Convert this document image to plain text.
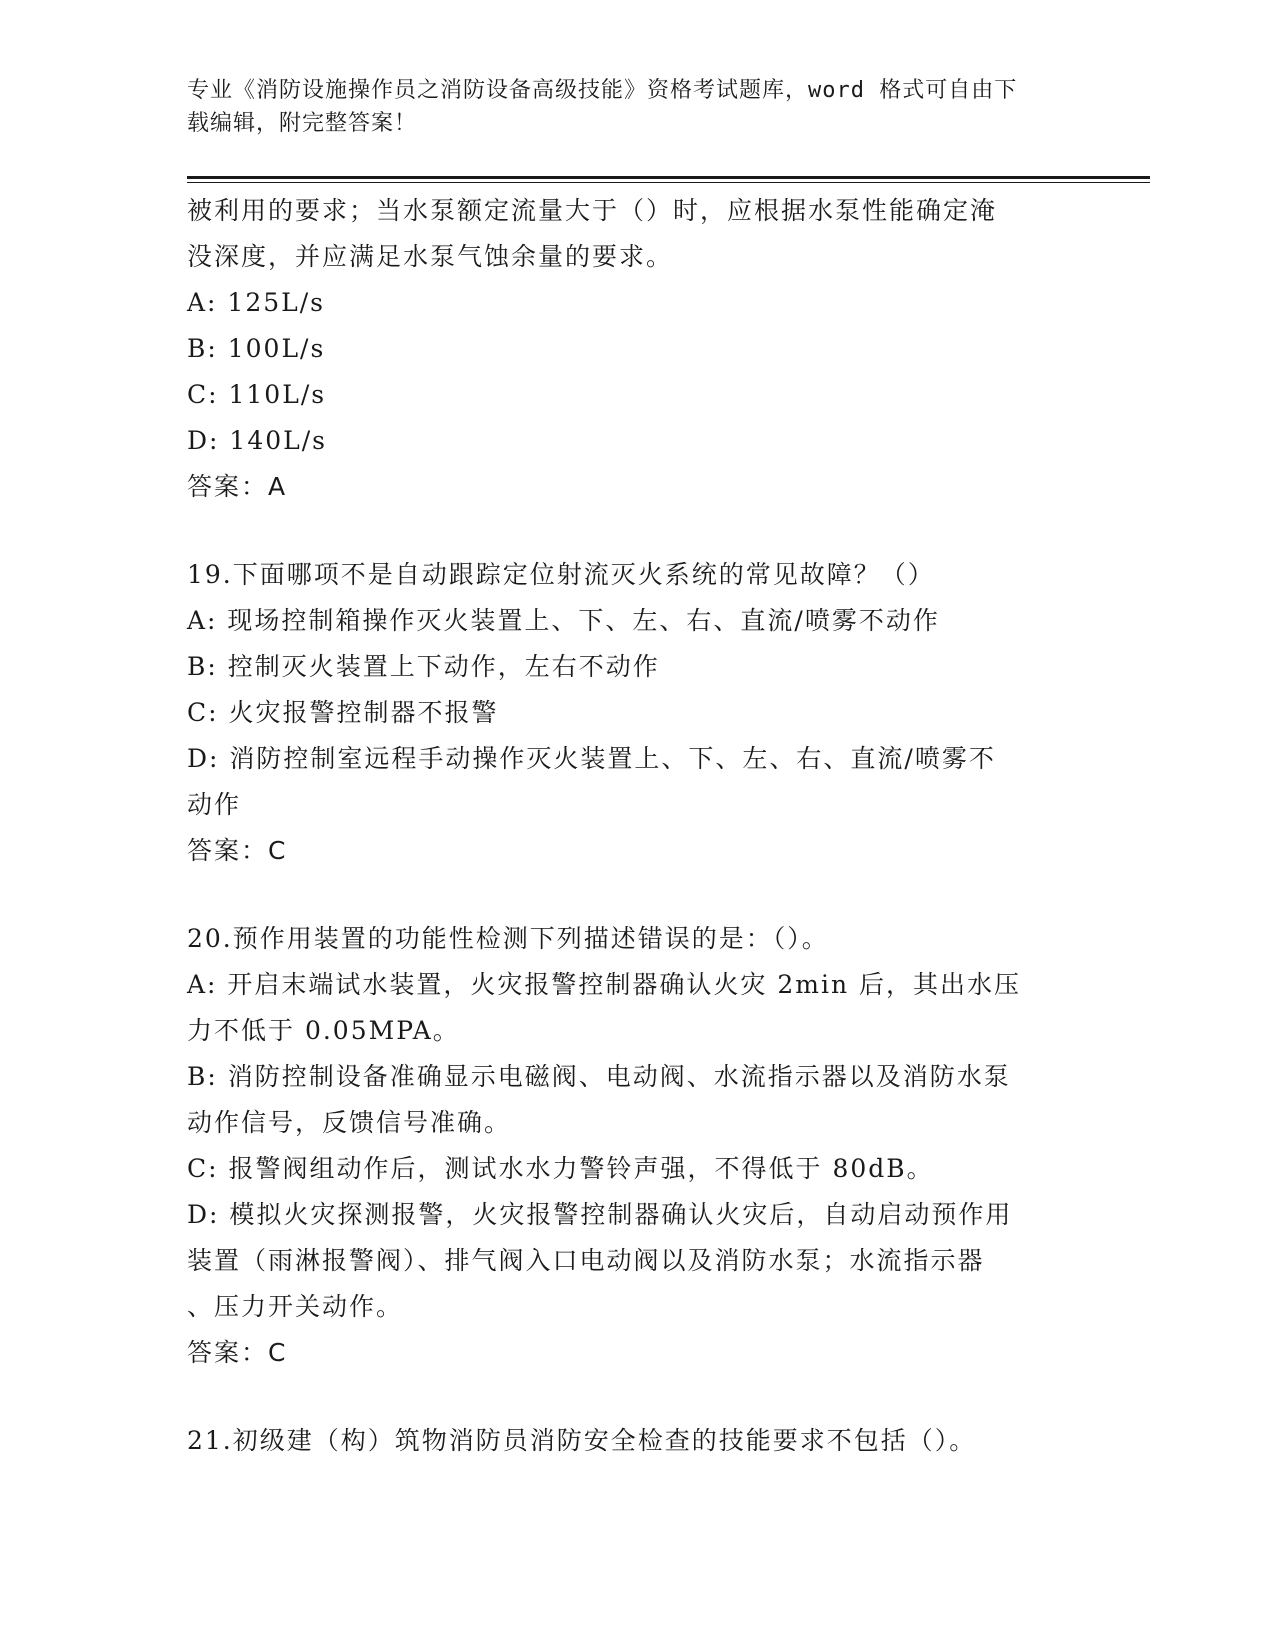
专业《消防设施操作员之消防设备高级技能》资格考试题库，word 格式可自由下
载编辑，附完整答案！
被利用的要求；当水泵额定流量大于（）时，应根据水泵性能确定淹
没深度，并应满足水泵气蚀余量的要求。
A: 125L/s
B: 100L/s
C: 110L/s
D: 140L/s
答案：A
19.下面哪项不是自动跟踪定位射流灭火系统的常见故障？（）
A: 现场控制箱操作灭火装置上、下、左、右、直流/喷雾不动作
B: 控制灭火装置上下动作，左右不动作
C: 火灾报警控制器不报警
D: 消防控制室远程手动操作灭火装置上、下、左、右、直流/喷雾不
动作
答案：C
20.预作用装置的功能性检测下列描述错误的是：（）。
A: 开启末端试水装置，火灾报警控制器确认火灾 2min 后，其出水压
力不低于 0.05MPA。
B: 消防控制设备准确显示电磁阀、电动阀、水流指示器以及消防水泵
动作信号，反馈信号准确。
C: 报警阀组动作后，测试水水力警铃声强，不得低于 80dB。
D: 模拟火灾探测报警，火灾报警控制器确认火灾后，自动启动预作用
装置（雨淋报警阀）、排气阀入口电动阀以及消防水泵；水流指示器
、压力开关动作。
答案：C
21.初级建（构）筑物消防员消防安全检查的技能要求不包括（）。
